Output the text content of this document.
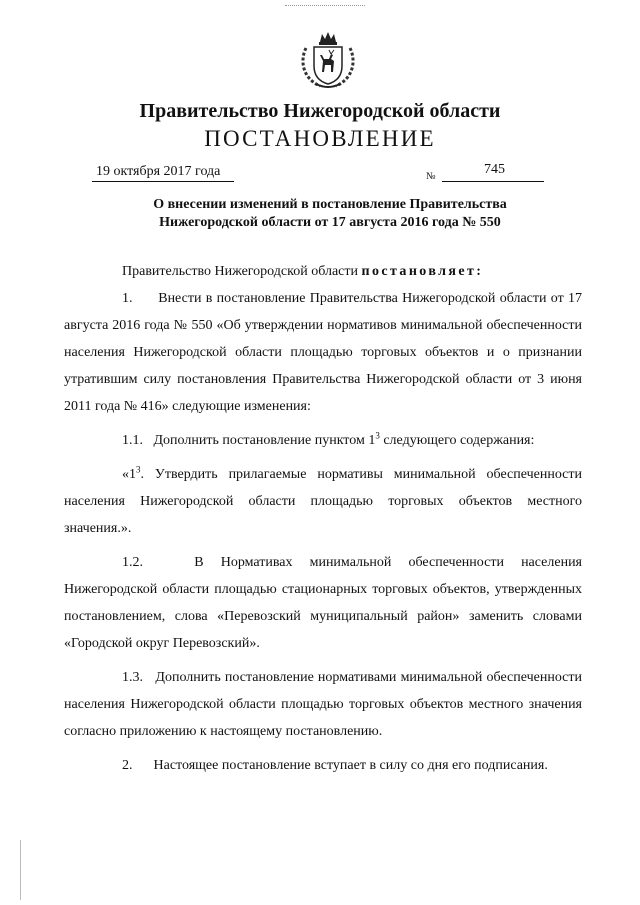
Правительство Нижегородской области
ПОСТАНОВЛЕНИЕ
19 октября 2017 года	№	745
О внесении изменений в постановление Правительства
Нижегородской области от 17 августа 2016 года № 550

Правительство Нижегородской области постановляет:

1.      Внести в постановление Правительства Нижегородской области от 17 августа 2016 года № 550 «Об утверждении нормативов минимальной обеспеченности населения Нижегородской области площадью торговых объектов и о признании утратившим силу постановления Правительства Нижегородской области от 3 июня 2011 года № 416» следующие изменения:

1.1.   Дополнить постановление пунктом $1^3$ следующего содержания:

«$1^3$. Утвердить прилагаемые нормативы минимальной обеспеченности населения Нижегородской области площадью торговых объектов местного значения.».

1.2.   В Нормативах минимальной обеспеченности населения Нижегородской области площадью стационарных торговых объектов, утвержденных постановлением, слова «Перевозский муниципальный район» заменить словами «Городской округ Перевозский».

1.3.   Дополнить постановление нормативами минимальной обеспеченности населения Нижегородской области площадью торговых объектов местного значения согласно приложению к настоящему постановлению.

2.      Настоящее постановление вступает в силу со дня его подписания.
